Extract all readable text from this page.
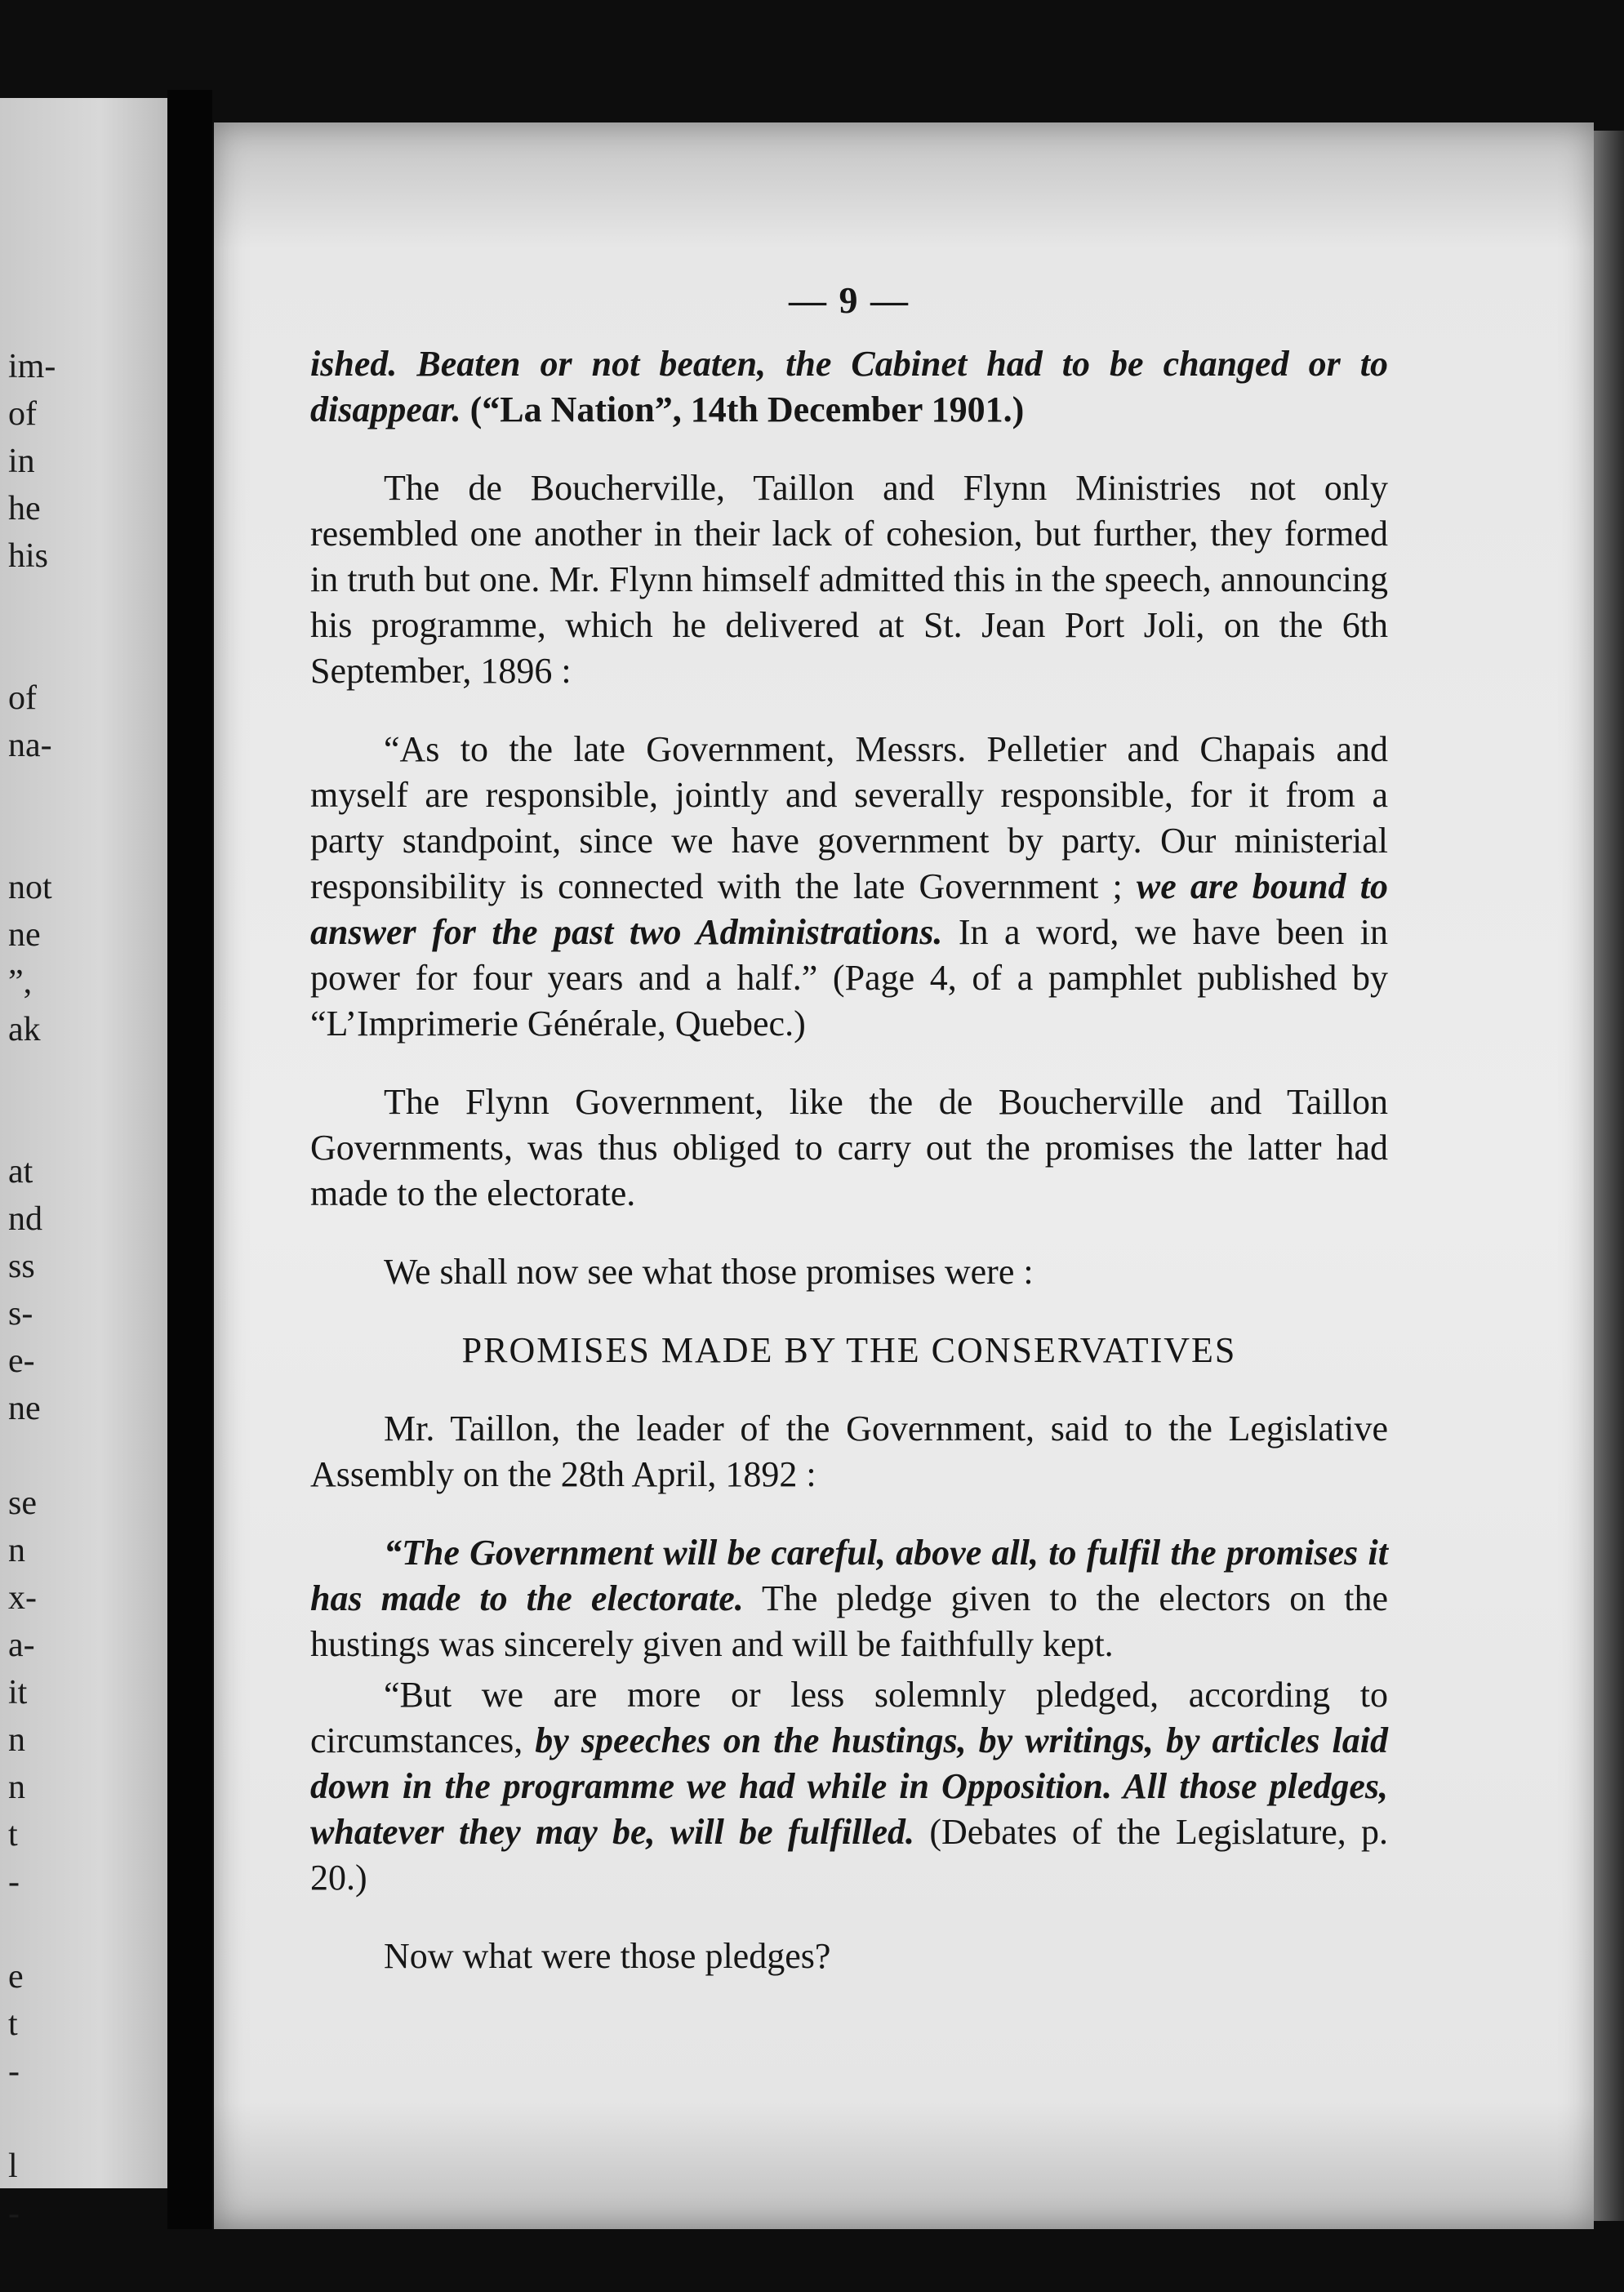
im-
of
in
he
his
of
na-
not
ne
”,
ak
at
nd
ss
s-
e-
ne
se
n
x-
a-
it
n
n
t
-
e
t
-
l
-
— 9 —

ished. Beaten or not beaten, the Cabinet had to be changed or to disappear. (“La Nation”, 14th December 1901.)

The de Boucherville, Taillon and Flynn Ministries not only resembled one another in their lack of cohesion, but further, they formed in truth but one. Mr. Flynn himself admitted this in the speech, announcing his programme, which he delivered at St. Jean Port Joli, on the 6th September, 1896 :

“As to the late Government, Messrs. Pelletier and Chapais and myself are responsible, jointly and severally responsible, for it from a party standpoint, since we have government by party. Our ministerial responsibility is connected with the late Government ; we are bound to answer for the past two Administrations. In a word, we have been in power for four years and a half.” (Page 4, of a pamphlet published by “L’Imprimerie Générale, Quebec.)

The Flynn Government, like the de Boucherville and Taillon Governments, was thus obliged to carry out the promises the latter had made to the electorate.

We shall now see what those promises were :

PROMISES MADE BY THE CONSERVATIVES

Mr. Taillon, the leader of the Government, said to the Legislative Assembly on the 28th April, 1892 :

“The Government will be careful, above all, to fulfil the promises it has made to the electorate. The pledge given to the electors on the hustings was sincerely given and will be faithfully kept.

“But we are more or less solemnly pledged, according to circumstances, by speeches on the hustings, by writings, by articles laid down in the programme we had while in Opposition. All those pledges, whatever they may be, will be fulfilled. (Debates of the Legislature, p. 20.)

Now what were those pledges?
